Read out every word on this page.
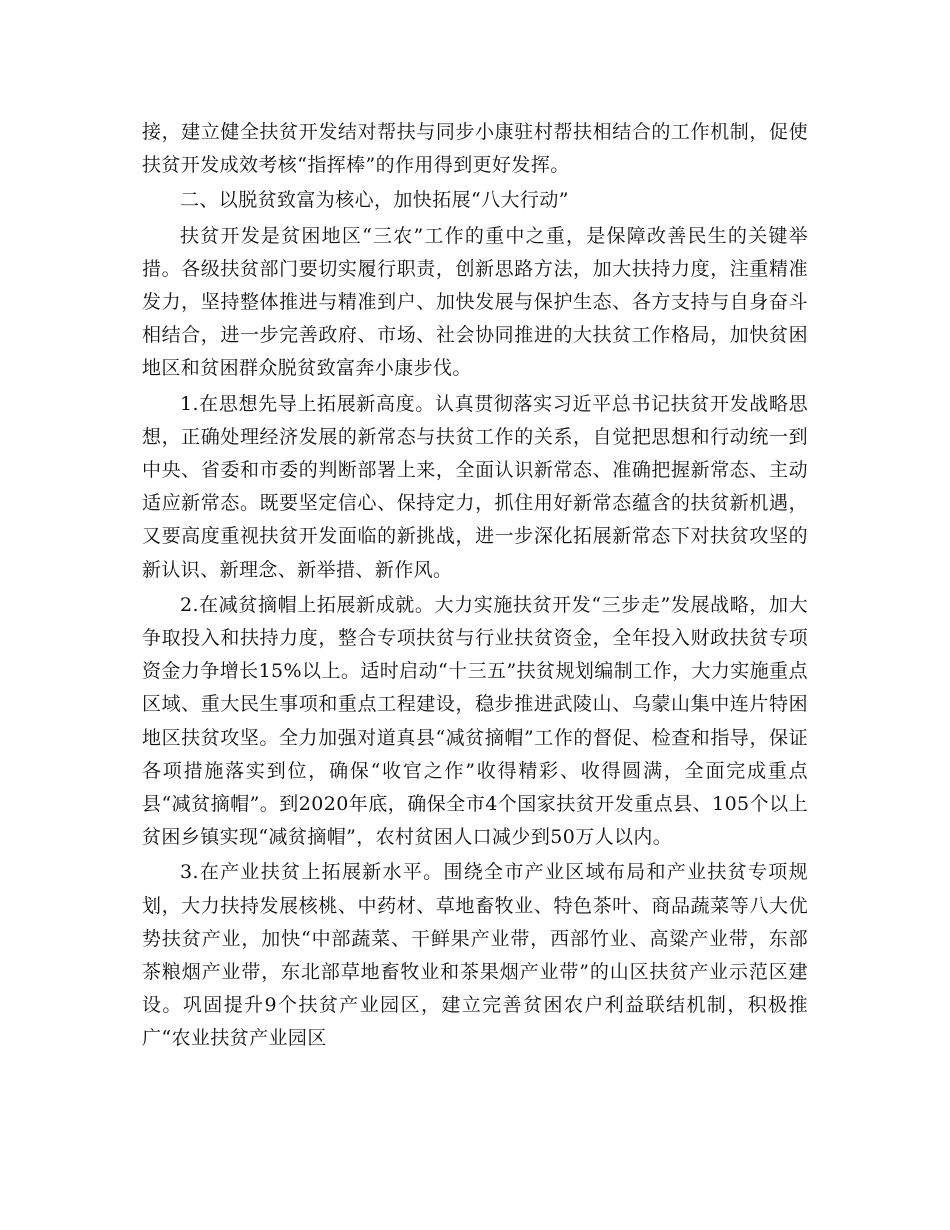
接，建立健全扶贫开发结对帮扶与同步小康驻村帮扶相结合的工作机制，促使扶贫开发成效考核“指挥棒”的作用得到更好发挥。

二、以脱贫致富为核心，加快拓展“八大行动”

扶贫开发是贫困地区“三农”工作的重中之重，是保障改善民生的关键举措。各级扶贫部门要切实履行职责，创新思路方法，加大扶持力度，注重精准发力，坚持整体推进与精准到户、加快发展与保护生态、各方支持与自身奋斗相结合，进一步完善政府、市场、社会协同推进的大扶贫工作格局，加快贫困地区和贫困群众脱贫致富奔小康步伐。

1.在思想先导上拓展新高度。认真贯彻落实习近平总书记扶贫开发战略思想，正确处理经济发展的新常态与扶贫工作的关系，自觉把思想和行动统一到中央、省委和市委的判断部署上来，全面认识新常态、准确把握新常态、主动适应新常态。既要坚定信心、保持定力，抓住用好新常态蕴含的扶贫新机遇，又要高度重视扶贫开发面临的新挑战，进一步深化拓展新常态下对扶贫攻坚的新认识、新理念、新举措、新作风。

2.在减贫摘帽上拓展新成就。大力实施扶贫开发“三步走”发展战略，加大争取投入和扶持力度，整合专项扶贫与行业扶贫资金，全年投入财政扶贫专项资金力争增长15%以上。适时启动“十三五”扶贫规划编制工作，大力实施重点区域、重大民生事项和重点工程建设，稳步推进武陵山、乌蒙山集中连片特困地区扶贫攻坚。全力加强对道真县“减贫摘帽”工作的督促、检查和指导，保证各项措施落实到位，确保“收官之作”收得精彩、收得圆满，全面完成重点县“减贫摘帽”。到2020年底，确保全市4个国家扶贫开发重点县、105个以上贫困乡镇实现“减贫摘帽”，农村贫困人口减少到50万人以内。

3.在产业扶贫上拓展新水平。围绕全市产业区域布局和产业扶贫专项规划，大力扶持发展核桃、中药材、草地畜牧业、特色茶叶、商品蔬菜等八大优势扶贫产业，加快“中部蔬菜、干鲜果产业带，西部竹业、高粱产业带，东部茶粮烟产业带，东北部草地畜牧业和茶果烟产业带”的山区扶贫产业示范区建设。巩固提升9个扶贫产业园区，建立完善贫困农户利益联结机制，积极推广“农业扶贫产业园区
